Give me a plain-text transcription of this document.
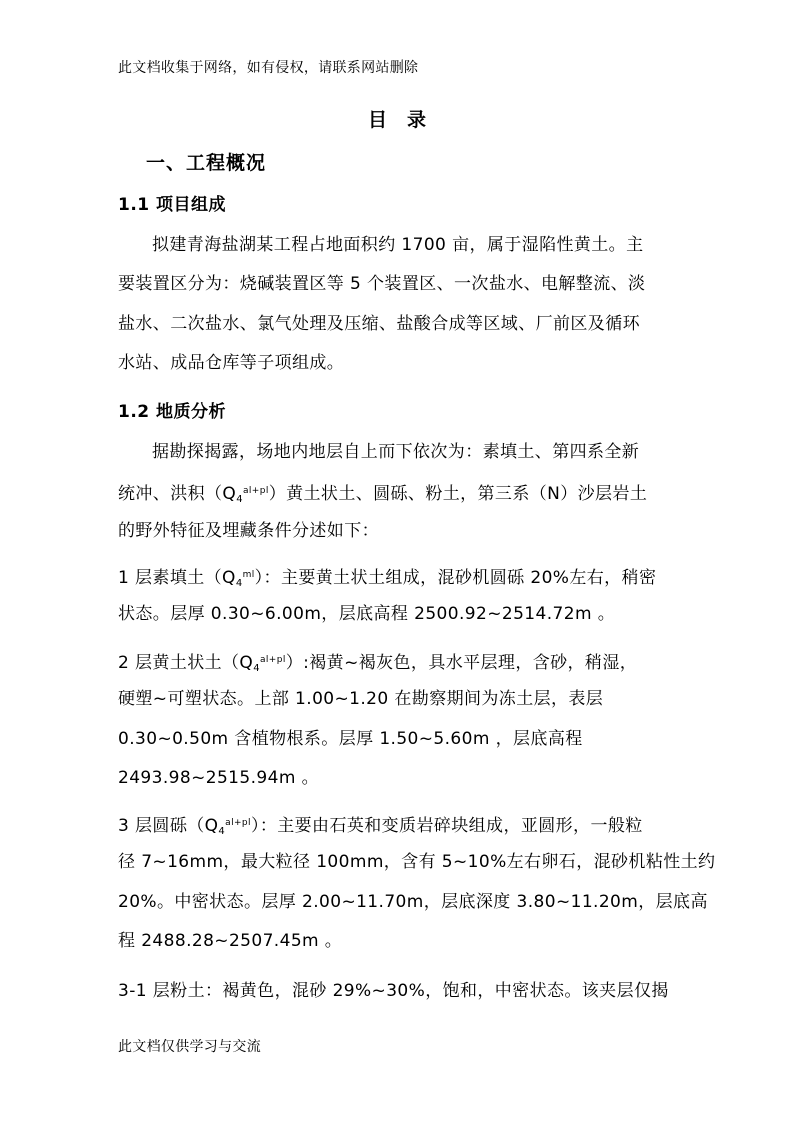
此文档收集于网络，如有侵权，请联系网站删除
目录
一、工程概况
1.1 项目组成
拟建青海盐湖某工程占地面积约 1700 亩，属于湿陷性黄土。主
要装置区分为：烧碱装置区等 5 个装置区、一次盐水、电解整流、淡
盐水、二次盐水、氯气处理及压缩、盐酸合成等区域、厂前区及循环
水站、成品仓库等子项组成。
1.2 地质分析
据勘探揭露，场地内地层自上而下依次为：素填土、第四系全新
统冲、洪积$(Q_4^{al+pl})$黄土状土、圆砾、粉土，第三系（N）沙层岩土
的野外特征及埋藏条件分述如下：
1 层素填土$(Q_4^{ml})$：主要黄土状土组成，混砂机圆砾 20%左右，稍密
状态。层厚 0.30~6.00m，层底高程 2500.92~2514.72m 。
2 层黄土状土$(Q_4^{al+pl})$:褐黄~褐灰色，具水平层理，含砂，稍湿，
硬塑~可塑状态。上部 1.00~1.20 在勘察期间为冻土层，表层
0.30~0.50m 含植物根系。层厚 1.50~5.60m ，层底高程
2493.98~2515.94m 。
3 层圆砾$(Q_4^{al+pl})$：主要由石英和变质岩碎块组成，亚圆形，一般粒
径 7~16mm，最大粒径 100mm，含有 5~10%左右卵石，混砂机粘性土约
20%。中密状态。层厚 2.00~11.70m，层底深度 3.80~11.20m，层底高
程 2488.28~2507.45m 。
3-1 层粉土：褐黄色，混砂 29%~30%，饱和，中密状态。该夹层仅揭
此文档仅供学习与交流
